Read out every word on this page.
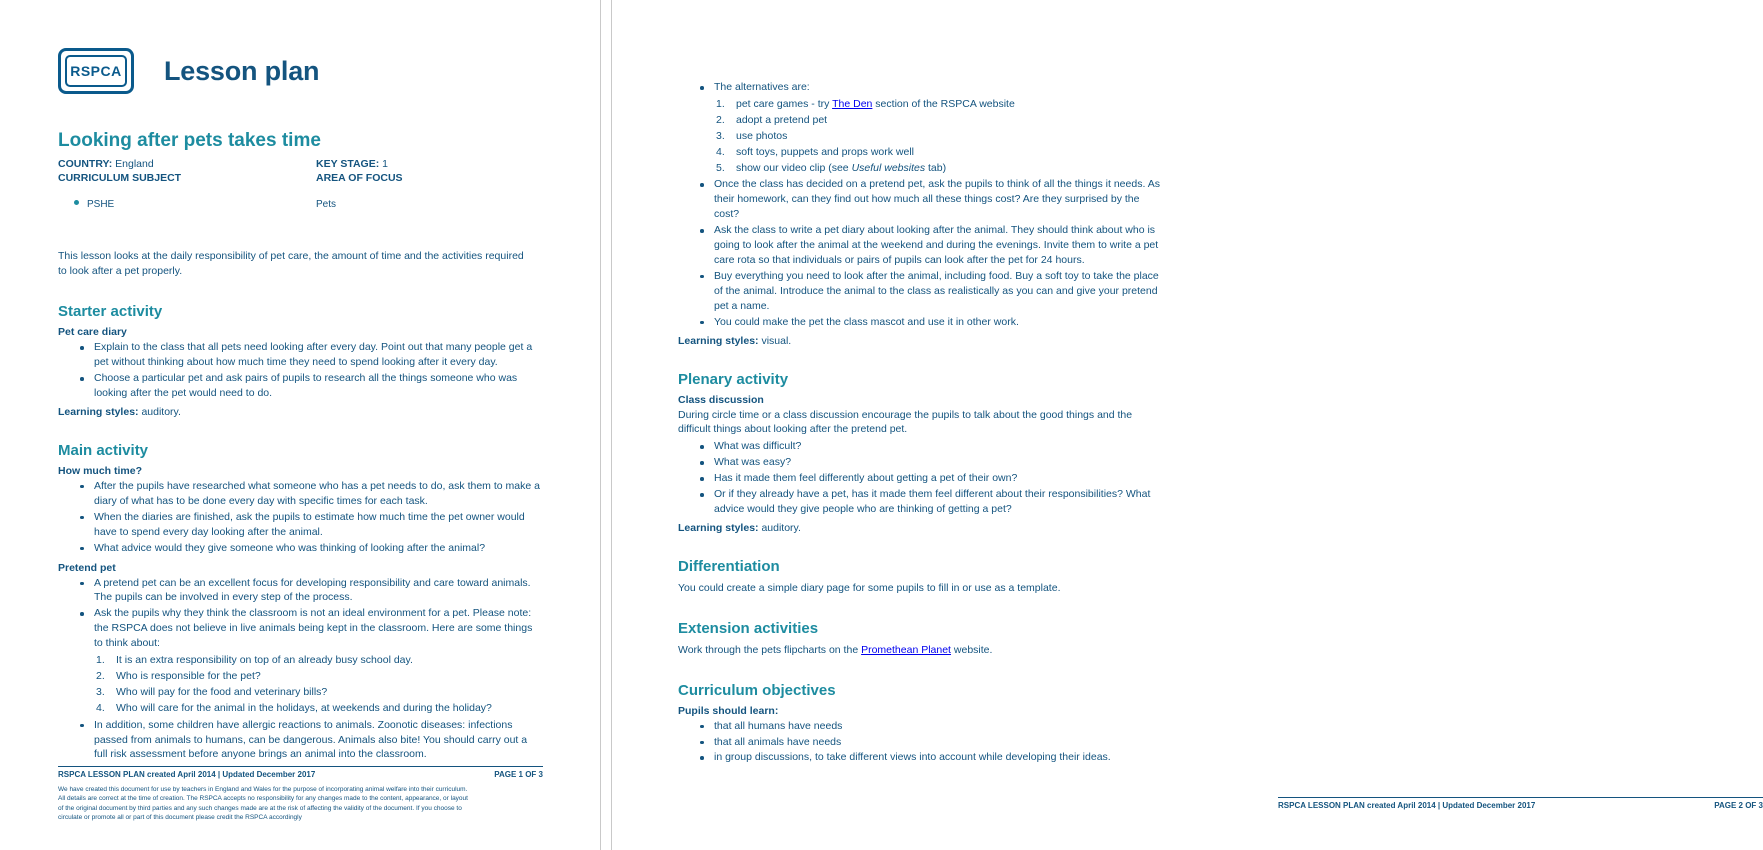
RSPCA Lesson plan
Looking after pets takes time
COUNTRY: England	KEY STAGE: 1
CURRICULUM SUBJECT	AREA OF FOCUS
PSHE	Pets
This lesson looks at the daily responsibility of pet care, the amount of time and the activities required to look after a pet properly.
Starter activity
Pet care diary
Explain to the class that all pets need looking after every day. Point out that many people get a pet without thinking about how much time they need to spend looking after it every day.
Choose a particular pet and ask pairs of pupils to research all the things someone who was looking after the pet would need to do.
Learning styles: auditory.
Main activity
How much time?
After the pupils have researched what someone who has a pet needs to do, ask them to make a diary of what has to be done every day with specific times for each task.
When the diaries are finished, ask the pupils to estimate how much time the pet owner would have to spend every day looking after the animal.
What advice would they give someone who was thinking of looking after the animal?
Pretend pet
A pretend pet can be an excellent focus for developing responsibility and care toward animals. The pupils can be involved in every step of the process.
Ask the pupils why they think the classroom is not an ideal environment for a pet. Please note: the RSPCA does not believe in live animals being kept in the classroom. Here are some things to think about:
It is an extra responsibility on top of an already busy school day.
Who is responsible for the pet?
Who will pay for the food and veterinary bills?
Who will care for the animal in the holidays, at weekends and during the holiday?
In addition, some children have allergic reactions to animals. Zoonotic diseases: infections passed from animals to humans, can be dangerous. Animals also bite! You should carry out a full risk assessment before anyone brings an animal into the classroom.
RSPCA LESSON PLAN created April 2014 | Updated December 2017	PAGE 1 OF 3
We have created this document for use by teachers in England and Wales for the purpose of incorporating animal welfare into their curriculum. All details are correct at the time of creation. The RSPCA accepts no responsibility for any changes made to the content, appearance, or layout of the original document by third parties and any such changes made are at the risk of affecting the validity of the document. If you choose to circulate or promote all or part of this document please credit the RSPCA accordingly
The alternatives are:
pet care games - try The Den section of the RSPCA website
adopt a pretend pet
use photos
soft toys, puppets and props work well
show our video clip (see Useful websites tab)
Once the class has decided on a pretend pet, ask the pupils to think of all the things it needs. As their homework, can they find out how much all these things cost? Are they surprised by the cost?
Ask the class to write a pet diary about looking after the animal. They should think about who is going to look after the animal at the weekend and during the evenings. Invite them to write a pet care rota so that individuals or pairs of pupils can look after the pet for 24 hours.
Buy everything you need to look after the animal, including food. Buy a soft toy to take the place of the animal. Introduce the animal to the class as realistically as you can and give your pretend pet a name.
You could make the pet the class mascot and use it in other work.
Learning styles: visual.
Plenary activity
Class discussion
During circle time or a class discussion encourage the pupils to talk about the good things and the difficult things about looking after the pretend pet.
What was difficult?
What was easy?
Has it made them feel differently about getting a pet of their own?
Or if they already have a pet, has it made them feel different about their responsibilities? What advice would they give people who are thinking of getting a pet?
Learning styles: auditory.
Differentiation
You could create a simple diary page for some pupils to fill in or use as a template.
Extension activities
Work through the pets flipcharts on the Promethean Planet website.
Curriculum objectives
Pupils should learn:
that all humans have needs
that all animals have needs
in group discussions, to take different views into account while developing their ideas.
RSPCA LESSON PLAN created April 2014 | Updated December 2017	PAGE 2 OF 3
